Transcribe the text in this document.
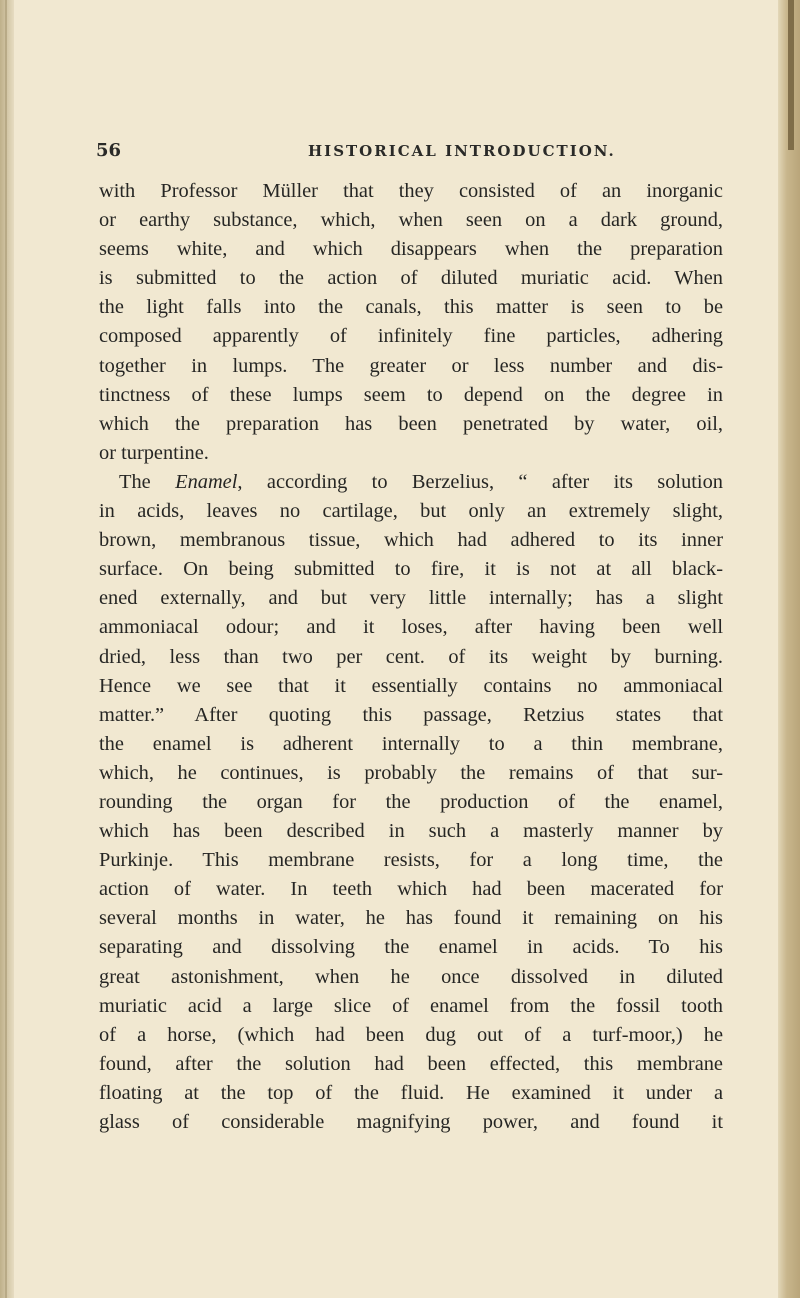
56	HISTORICAL INTRODUCTION.
with Professor Müller that they consisted of an inorganic
or earthy substance, which, when seen on a dark ground,
seems white, and which disappears when the preparation
is submitted to the action of diluted muriatic acid. When
the light falls into the canals, this matter is seen to be
composed apparently of infinitely fine particles, adhering
together in lumps. The greater or less number and dis-
tinctness of these lumps seem to depend on the degree in
which the preparation has been penetrated by water, oil,
or turpentine.
The Enamel, according to Berzelius, “ after its solution
in acids, leaves no cartilage, but only an extremely slight,
brown, membranous tissue, which had adhered to its inner
surface. On being submitted to fire, it is not at all black-
ened externally, and but very little internally; has a slight
ammoniacal odour; and it loses, after having been well
dried, less than two per cent. of its weight by burning.
Hence we see that it essentially contains no ammoniacal
matter.” After quoting this passage, Retzius states that
the enamel is adherent internally to a thin membrane,
which, he continues, is probably the remains of that sur-
rounding the organ for the production of the enamel,
which has been described in such a masterly manner by
Purkinje. This membrane resists, for a long time, the
action of water. In teeth which had been macerated for
several months in water, he has found it remaining on his
separating and dissolving the enamel in acids. To his
great astonishment, when he once dissolved in diluted
muriatic acid a large slice of enamel from the fossil tooth
of a horse, (which had been dug out of a turf-moor,) he
found, after the solution had been effected, this membrane
floating at the top of the fluid. He examined it under a
glass of considerable magnifying power, and found it
